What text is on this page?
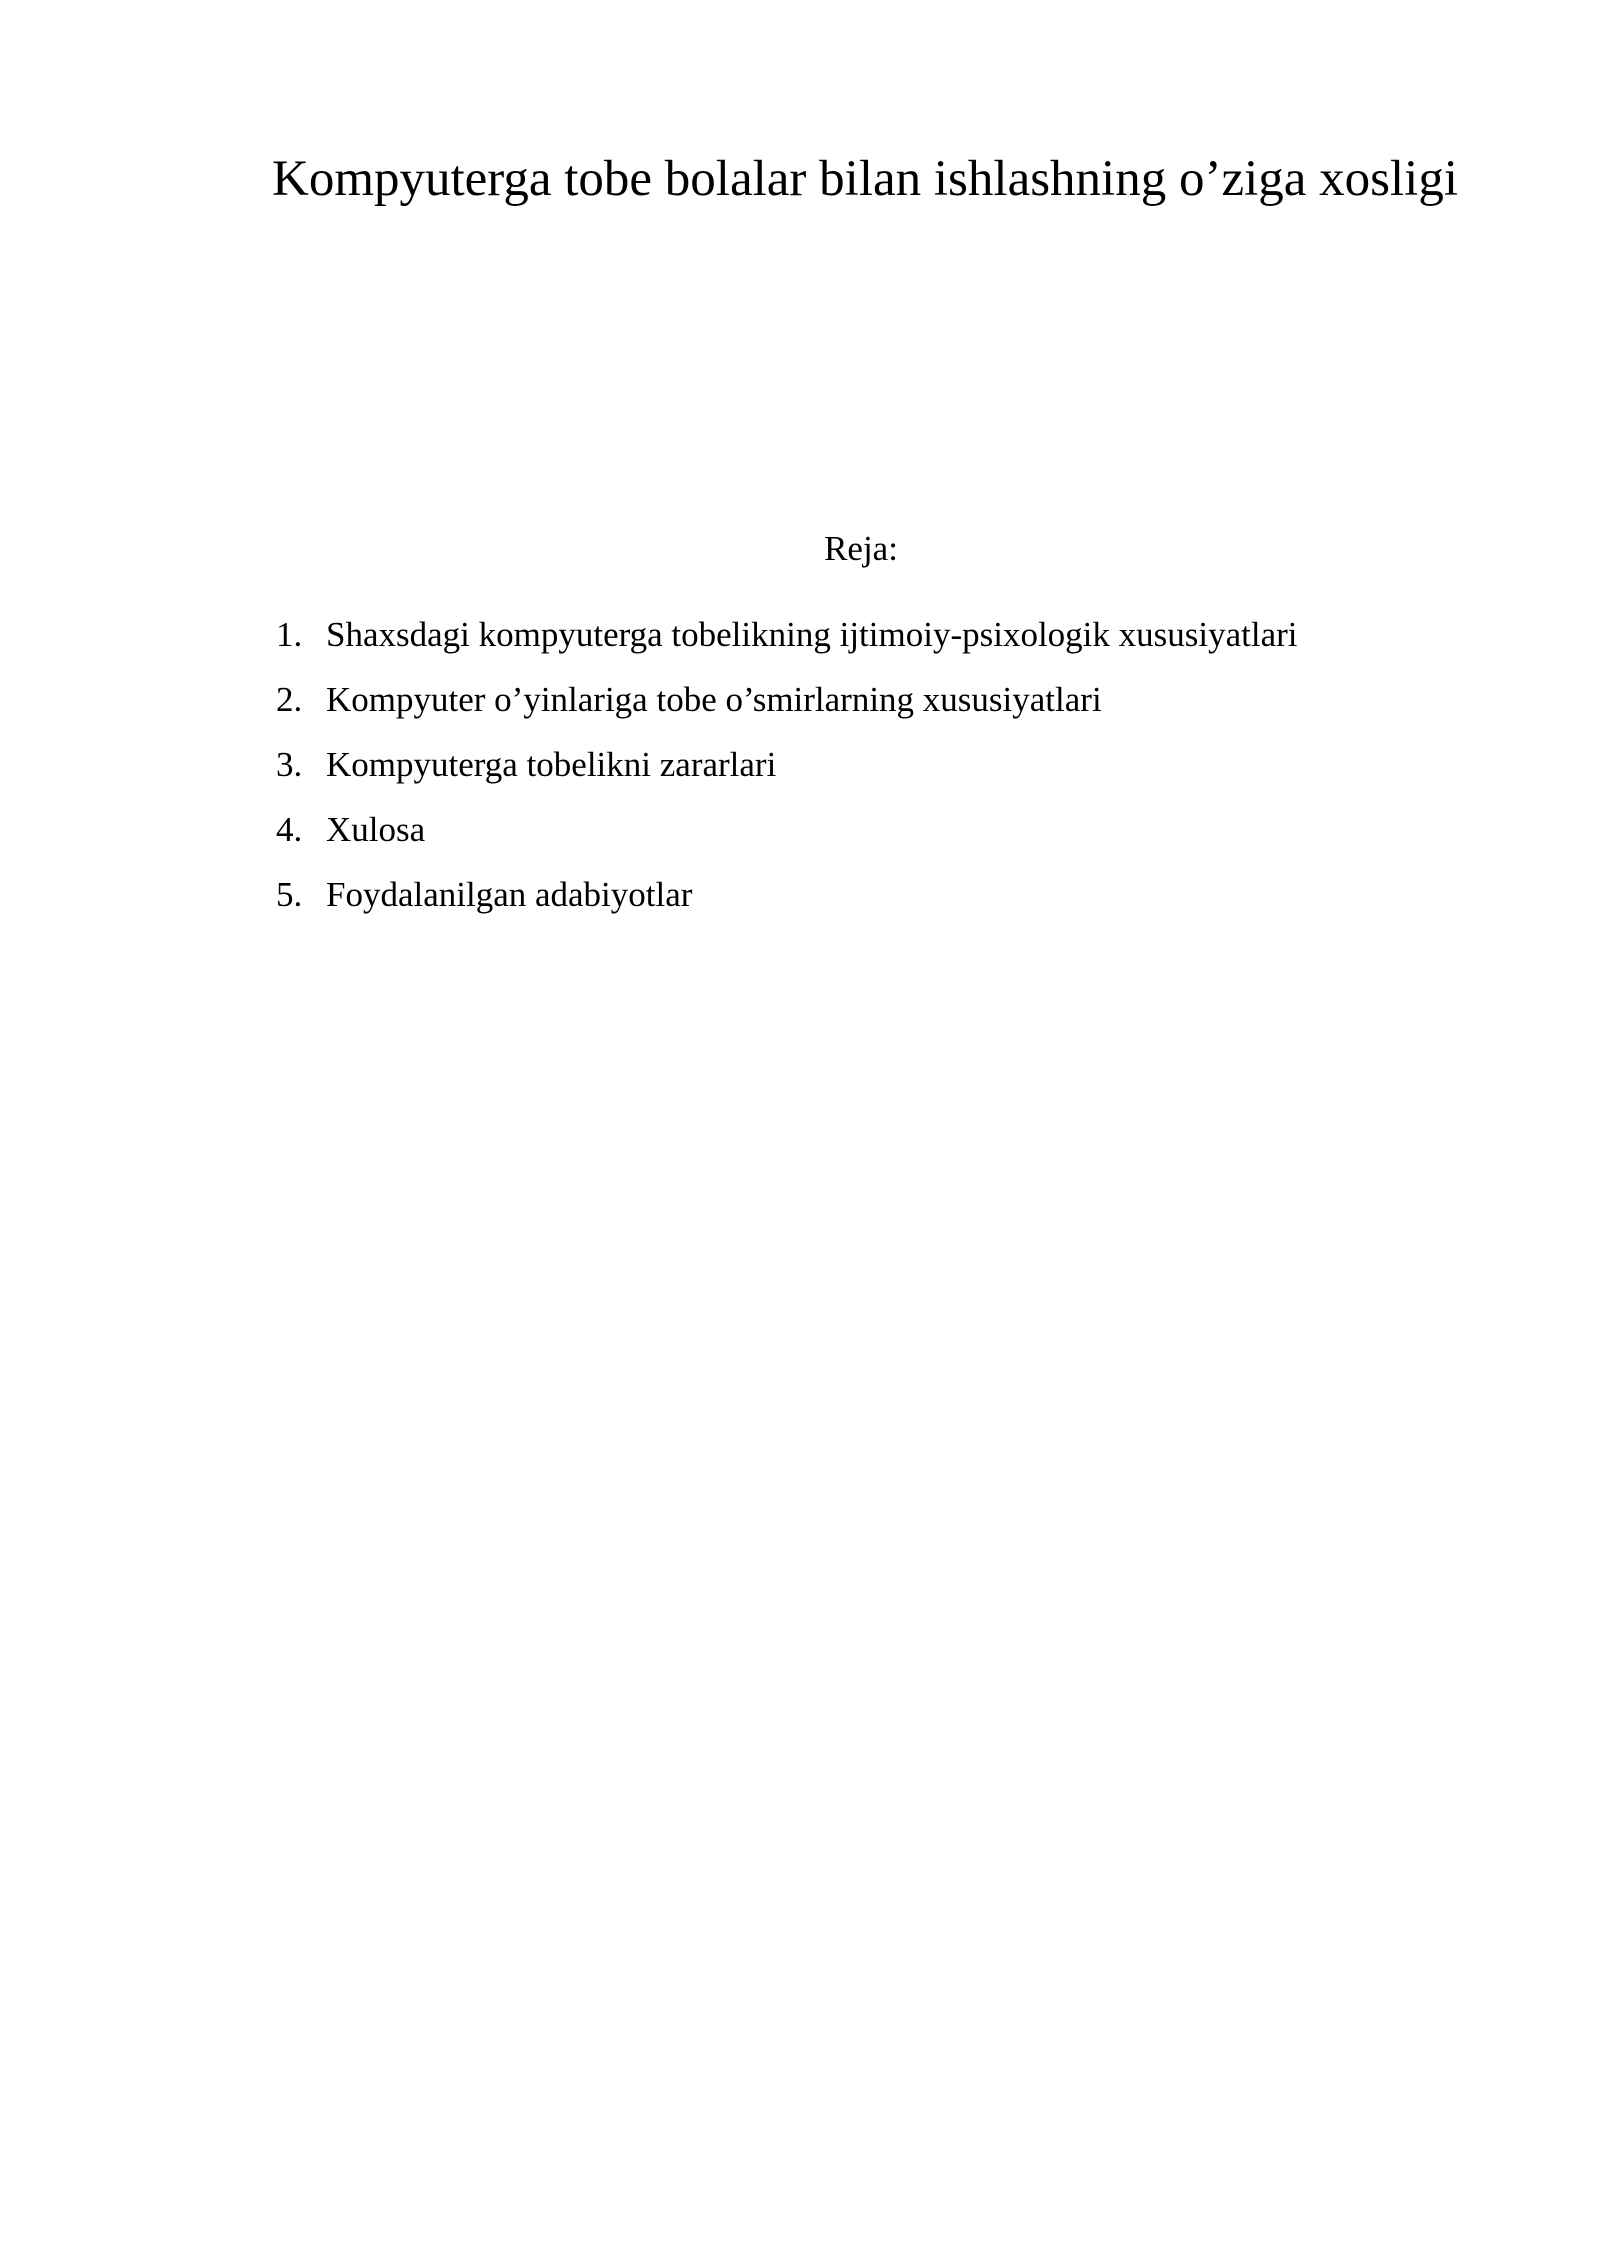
Kompyuterga tobe bolalar bilan ishlashning o’ziga xosligi
Reja:
1. Shaxsdagi kompyuterga tobelikning ijtimoiy-psixologik xususiyatlari
2. Kompyuter o’yinlariga tobe o’smirlarning xususiyatlari
3. Kompyuterga tobelikni zararlari
4. Xulosa
5. Foydalanilgan adabiyotlar
